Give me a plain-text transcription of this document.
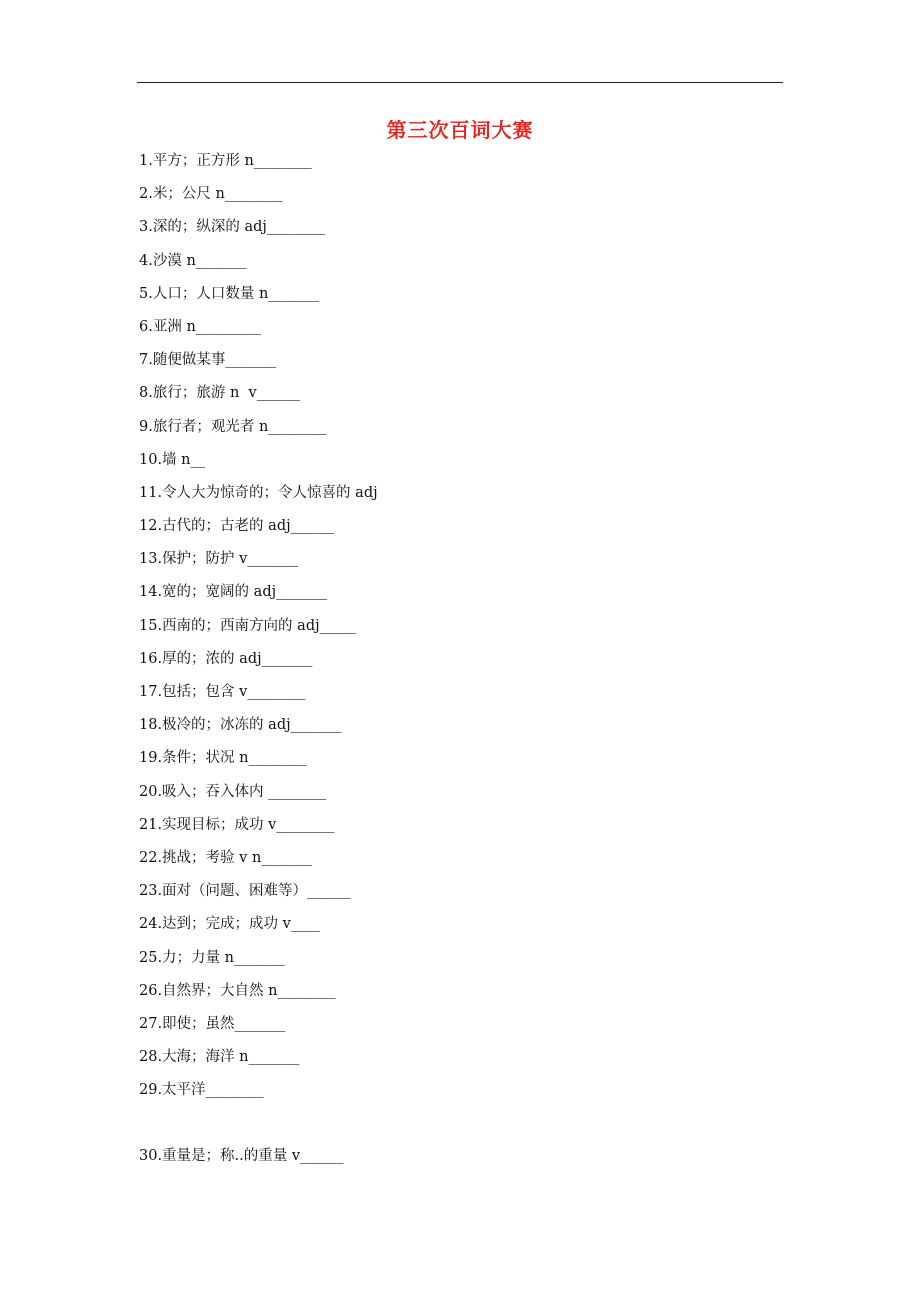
第三次百词大赛
1.平方；正方形 n________
2.米；公尺 n________
3.深的；纵深的 adj________
4.沙漠 n_______
5.人口；人口数量 n_______
6.亚洲 n_________
7.随便做某事_______
8.旅行；旅游 n  v______
9.旅行者；观光者 n________
10.墙 n__
11.令人大为惊奇的；令人惊喜的 adj
12.古代的；古老的 adj______
13.保护；防护 v_______
14.宽的；宽阔的 adj_______
15.西南的；西南方向的 adj_____
16.厚的；浓的 adj_______
17.包括；包含 v________
18.极冷的；冰冻的 adj_______
19.条件；状况 n________
20.吸入；吞入体内 ________
21.实现目标；成功 v________
22.挑战；考验 v n_______
23.面对（问题、困难等）______
24.达到；完成；成功 v____
25.力；力量 n_______
26.自然界；大自然 n________
27.即使；虽然_______
28.大海；海洋 n_______
29.太平洋________
30.重量是；称..的重量 v______
